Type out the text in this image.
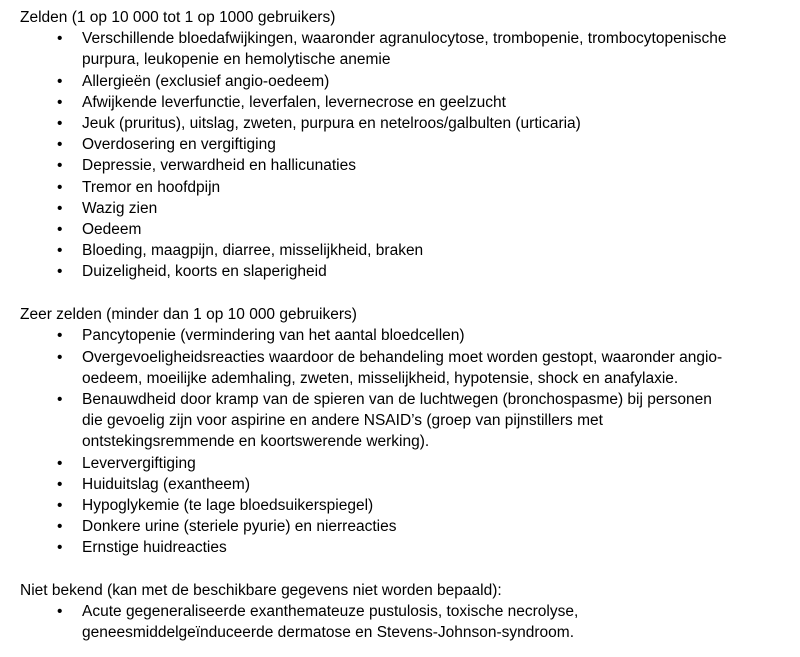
Zelden (1 op 10 000 tot 1 op 1000 gebruikers)

• Verschillende bloedafwijkingen, waaronder agranulocytose, trombopenie, trombocytopenische purpura, leukopenie en hemolytische anemie
• Allergieën (exclusief angio-oedeem)
• Afwijkende leverfunctie, leverfalen, levernecrose en geelzucht
• Jeuk (pruritus), uitslag, zweten, purpura en netelroos/galbulten (urticaria)
• Overdosering en vergiftiging
• Depressie, verwardheid en hallicunaties
• Tremor en hoofdpijn
• Wazig zien
• Oedeem
• Bloeding, maagpijn, diarree, misselijkheid, braken
• Duizeligheid, koorts en slaperigheid

Zeer zelden (minder dan 1 op 10 000 gebruikers)

• Pancytopenie (vermindering van het aantal bloedcellen)
• Overgevoeligheidsreacties waardoor de behandeling moet worden gestopt, waaronder angio-oedeem, moeilijke ademhaling, zweten, misselijkheid, hypotensie, shock en anafylaxie.
• Benauwdheid door kramp van de spieren van de luchtwegen (bronchospasme) bij personen die gevoelig zijn voor aspirine en andere NSAID’s (groep van pijnstillers met ontstekingsremmende en koortswerende werking).
• Leververgiftiging
• Huiduitslag (exantheem)
• Hypoglykemie (te lage bloedsuikerspiegel)
• Donkere urine (steriele pyurie) en nierreacties
• Ernstige huidreacties

Niet bekend (kan met de beschikbare gegevens niet worden bepaald):

• Acute gegeneraliseerde exanthemateuze pustulosis, toxische necrolyse, geneesmiddelgeïnduceerde dermatose en Stevens-Johnson-syndroom.
